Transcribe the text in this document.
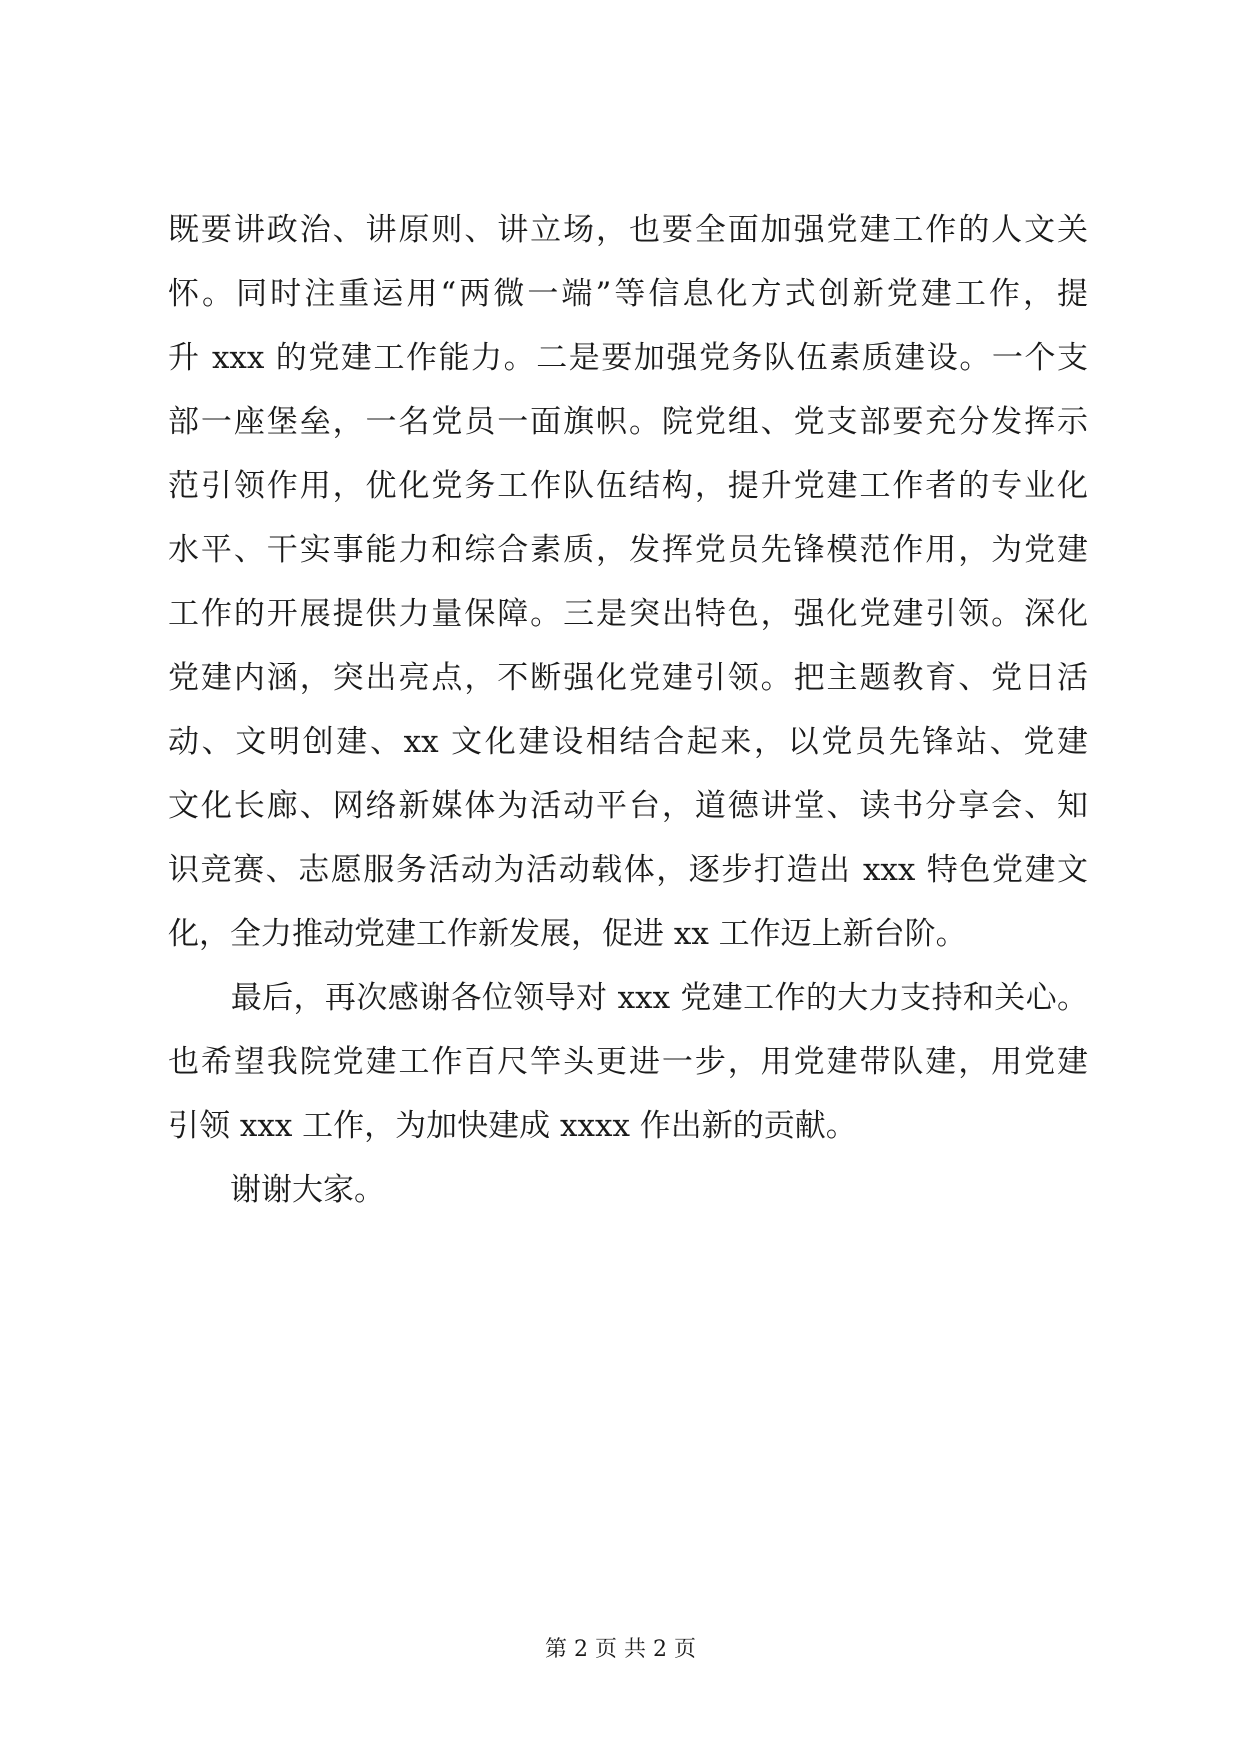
既要讲政治、讲原则、讲立场，也要全面加强党建工作的人文关
怀。同时注重运用“两微一端”等信息化方式创新党建工作，提
升 xxx 的党建工作能力。二是要加强党务队伍素质建设。一个支
部一座堡垒，一名党员一面旗帜。院党组、党支部要充分发挥示
范引领作用，优化党务工作队伍结构，提升党建工作者的专业化
水平、干实事能力和综合素质，发挥党员先锋模范作用，为党建
工作的开展提供力量保障。三是突出特色，强化党建引领。深化
党建内涵，突出亮点，不断强化党建引领。把主题教育、党日活
动、文明创建、xx 文化建设相结合起来，以党员先锋站、党建
文化长廊、网络新媒体为活动平台，道德讲堂、读书分享会、知
识竞赛、志愿服务活动为活动载体，逐步打造出 xxx 特色党建文
化，全力推动党建工作新发展，促进 xx 工作迈上新台阶。
　　最后，再次感谢各位领导对 xxx 党建工作的大力支持和关心。
也希望我院党建工作百尺竿头更进一步，用党建带队建，用党建
引领 xxx 工作，为加快建成 xxxx 作出新的贡献。
　　谢谢大家。
第 2 页 共 2 页
